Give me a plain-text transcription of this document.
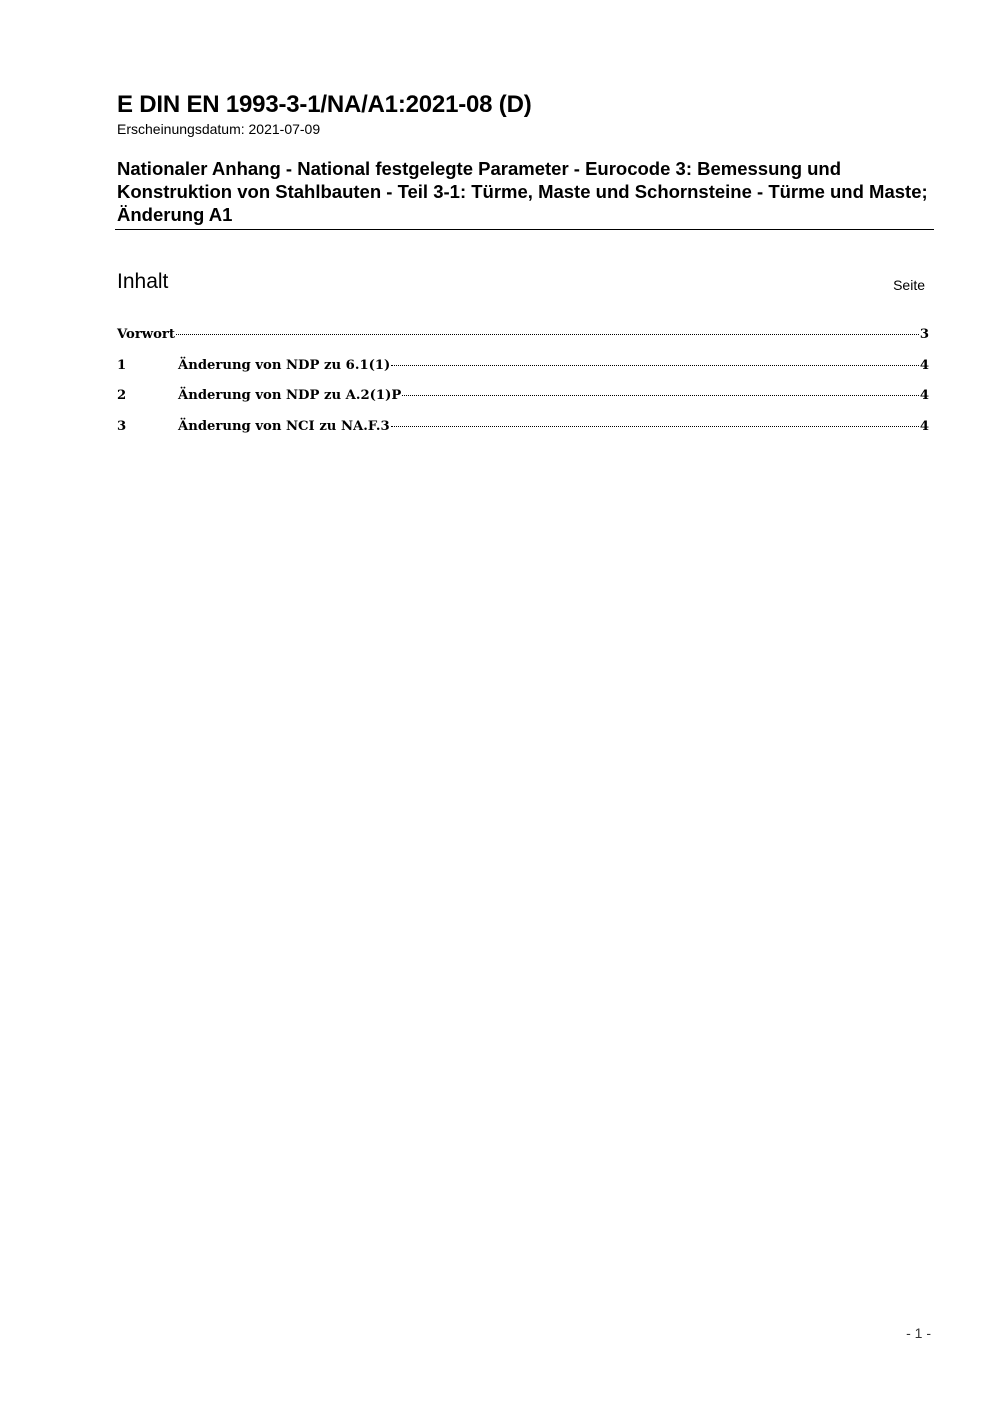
E DIN EN 1993-3-1/NA/A1:2021-08 (D)

Erscheinungsdatum: 2021-07-09

Nationaler Anhang - National festgelegte Parameter - Eurocode 3: Bemessung und Konstruktion von Stahlbauten - Teil 3-1: Türme, Maste und Schornsteine - Türme und Maste; Änderung A1
Inhalt	Seite
Vorwort	3
1	Änderung von NDP zu 6.1(1)	4
2	Änderung von NDP zu A.2(1)P	4
3	Änderung von NCI zu NA.F.3	4
- 1 -
